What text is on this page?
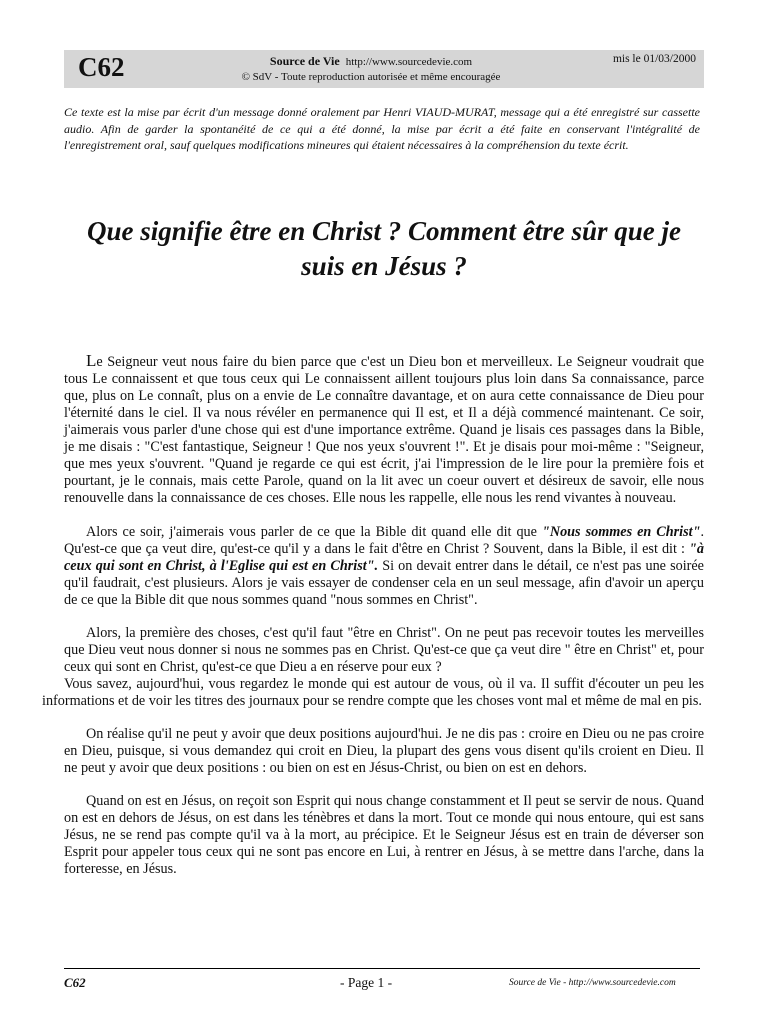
C62	Source de Vie http://www.sourcedevie.com
© SdV - Toute reproduction autorisée et même encouragée
mis le 01/03/2000
Ce texte est la mise par écrit d'un message donné oralement par Henri VIAUD-MURAT, message qui a été enregistré sur cassette audio. Afin de garder la spontanéité de ce qui a été donné, la mise par écrit a été faite en conservant l'intégralité de l'enregistrement oral, sauf quelques modifications mineures qui étaient nécessaires à la compréhension du texte écrit.
Que signifie être en Christ ? Comment être sûr que je suis en Jésus ?

Le Seigneur veut nous faire du bien parce que c'est un Dieu bon et merveilleux. Le Seigneur voudrait que tous Le connaissent et que tous ceux qui Le connaissent aillent toujours plus loin dans Sa connaissance, parce que, plus on Le connaît, plus on a envie de Le connaître davantage, et on aura cette connaissance de Dieu pour l'éternité dans le ciel. Il va nous révéler en permanence qui Il est, et Il a déjà commencé maintenant. Ce soir, j'aimerais vous parler d'une chose qui est d'une importance extrême. Quand je lisais ces passages dans la Bible, je me disais : "C'est fantastique, Seigneur ! Que nos yeux s'ouvrent !". Et je disais pour moi-même : "Seigneur, que mes yeux s'ouvrent. "Quand je regarde ce qui est écrit, j'ai l'impression de le lire pour la première fois et pourtant, je le connais, mais cette Parole, quand on la lit avec un coeur ouvert et désireux de savoir, elle nous renouvelle dans la connaissance de ces choses. Elle nous les rappelle, elle nous les rend vivantes à nouveau.

Alors ce soir, j'aimerais vous parler de ce que la Bible dit quand elle dit que "Nous sommes en Christ". Qu'est-ce que ça veut dire, qu'est-ce qu'il y a dans le fait d'être en Christ ? Souvent, dans la Bible, il est dit : "à ceux qui sont en Christ, à l'Eglise qui est en Christ". Si on devait entrer dans le détail, ce n'est pas une soirée qu'il faudrait, c'est plusieurs. Alors je vais essayer de condenser cela en un seul message, afin d'avoir un aperçu de ce que la Bible dit que nous sommes quand "nous sommes en Christ".

Alors, la première des choses, c'est qu'il faut "être en Christ". On ne peut pas recevoir toutes les merveilles que Dieu veut nous donner si nous ne sommes pas en Christ. Qu'est-ce que ça veut dire " être en Christ" et, pour ceux qui sont en Christ, qu'est-ce que Dieu a en réserve pour eux ?
Vous savez, aujourd'hui, vous regardez le monde qui est autour de vous, où il va. Il suffit d'écouter un peu les informations et de voir les titres des journaux pour se rendre compte que les choses vont mal et même de mal en pis.

On réalise qu'il ne peut y avoir que deux positions aujourd'hui. Je ne dis pas : croire en Dieu ou ne pas croire en Dieu, puisque, si vous demandez qui croit en Dieu, la plupart des gens vous disent qu'ils croient en Dieu. Il ne peut y avoir que deux positions : ou bien on est en Jésus-Christ, ou bien on est en dehors.

Quand on est en Jésus, on reçoit son Esprit qui nous change constamment et Il peut se servir de nous. Quand on est en dehors de Jésus, on est dans les ténèbres et dans la mort. Tout ce monde qui nous entoure, qui est sans Jésus, ne se rend pas compte qu'il va à la mort, au précipice. Et le Seigneur Jésus est en train de déverser son Esprit pour appeler tous ceux qui ne sont pas encore en Lui, à rentrer en Jésus, à se mettre dans l'arche, dans la forteresse, en Jésus.

C62	- Page 1 -	Source de Vie - http://www.sourcedevie.com
